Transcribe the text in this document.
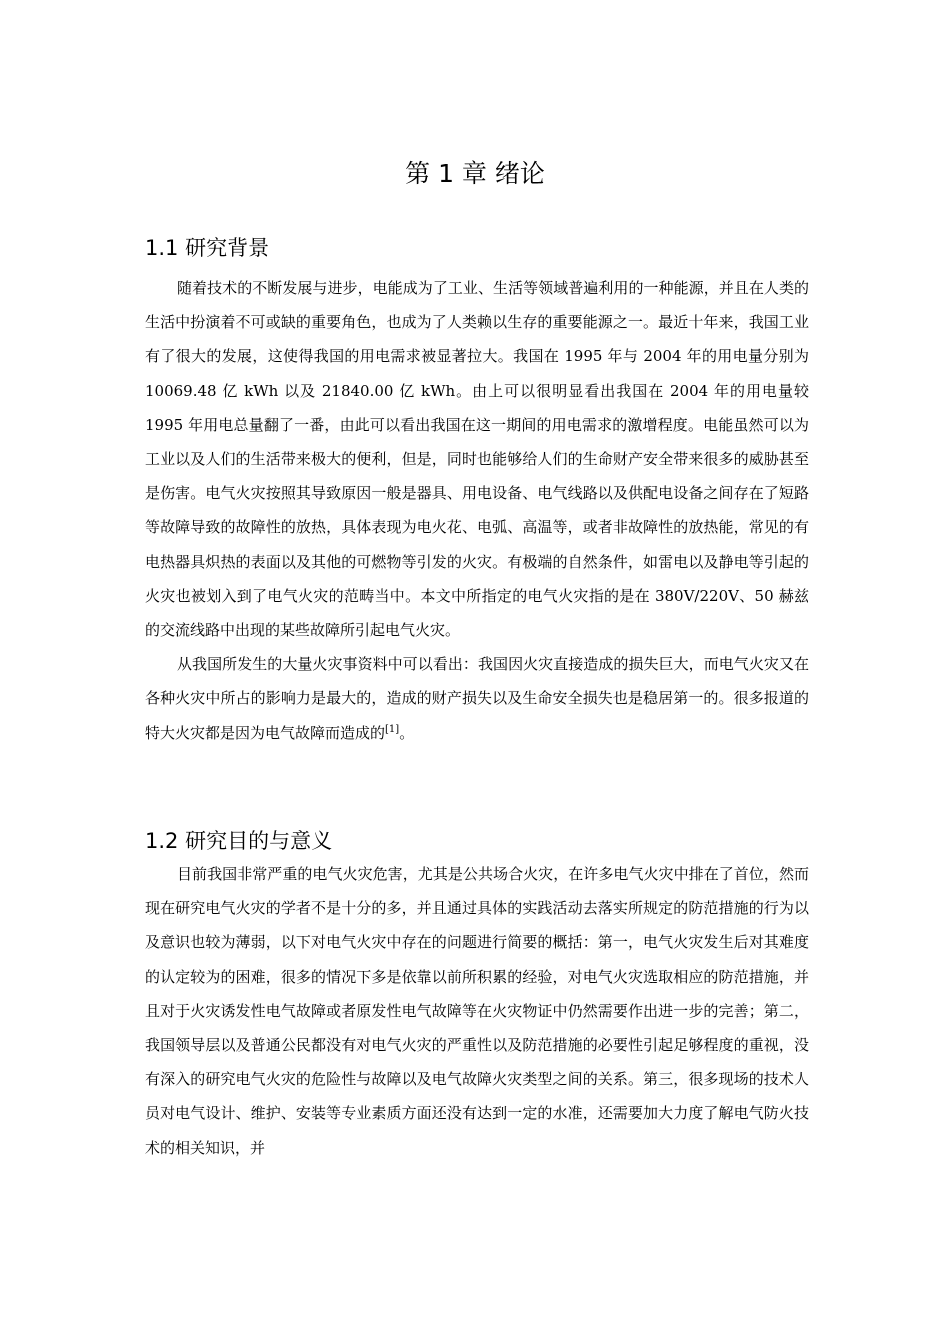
第 1 章 绪论
1.1 研究背景

随着技术的不断发展与进步，电能成为了工业、生活等领域普遍利用的一种能源，并且在人类的生活中扮演着不可或缺的重要角色，也成为了人类赖以生存的重要能源之一。最近十年来，我国工业有了很大的发展，这使得我国的用电需求被显著拉大。我国在 1995 年与 2004 年的用电量分别为 10069.48 亿 kWh 以及 21840.00 亿 kWh。由上可以很明显看出我国在 2004 年的用电量较 1995 年用电总量翻了一番，由此可以看出我国在这一期间的用电需求的激增程度。电能虽然可以为工业以及人们的生活带来极大的便利，但是，同时也能够给人们的生命财产安全带来很多的威胁甚至是伤害。电气火灾按照其导致原因一般是器具、用电设备、电气线路以及供配电设备之间存在了短路等故障导致的故障性的放热，具体表现为电火花、电弧、高温等，或者非故障性的放热能，常见的有电热器具炽热的表面以及其他的可燃物等引发的火灾。有极端的自然条件，如雷电以及静电等引起的火灾也被划入到了电气火灾的范畴当中。本文中所指定的电气火灾指的是在 380V/220V、50 赫兹的交流线路中出现的某些故障所引起电气火灾。

从我国所发生的大量火灾事资料中可以看出：我国因火灾直接造成的损失巨大，而电气火灾又在各种火灾中所占的影响力是最大的，造成的财产损失以及生命安全损失也是稳居第一的。很多报道的特大火灾都是因为电气故障而造成的[1]。

1.2 研究目的与意义

目前我国非常严重的电气火灾危害，尤其是公共场合火灾，在许多电气火灾中排在了首位，然而现在研究电气火灾的学者不是十分的多，并且通过具体的实践活动去落实所规定的防范措施的行为以及意识也较为薄弱，以下对电气火灾中存在的问题进行简要的概括：第一，电气火灾发生后对其难度的认定较为的困难，很多的情况下多是依靠以前所积累的经验，对电气火灾选取相应的防范措施，并且对于火灾诱发性电气故障或者原发性电气故障等在火灾物证中仍然需要作出进一步的完善；第二，我国领导层以及普通公民都没有对电气火灾的严重性以及防范措施的必要性引起足够程度的重视，没有深入的研究电气火灾的危险性与故障以及电气故障火灾类型之间的关系。第三，很多现场的技术人员对电气设计、维护、安装等专业素质方面还没有达到一定的水准，还需要加大力度了解电气防火技术的相关知识，并
